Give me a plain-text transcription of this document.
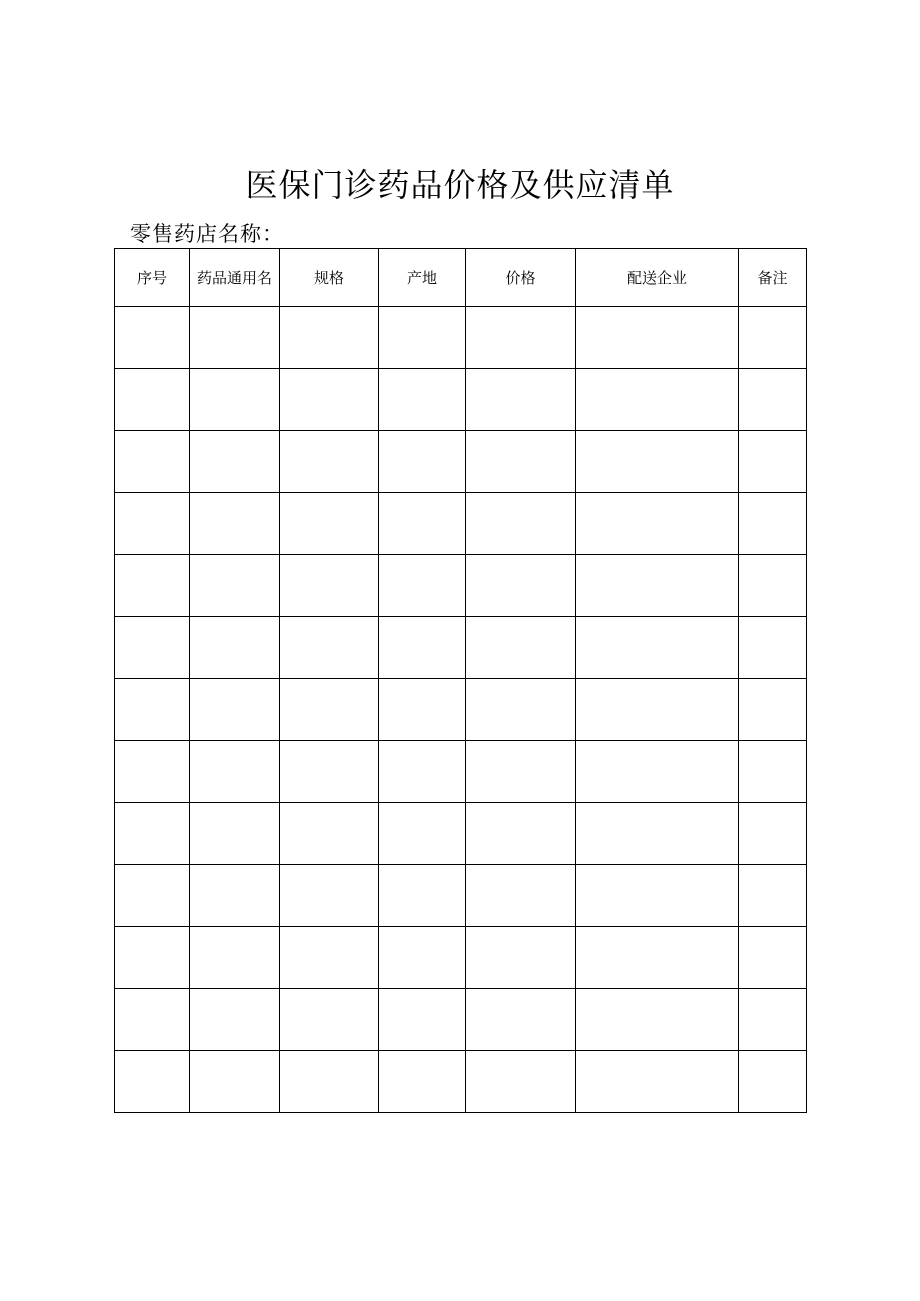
医保门诊药品价格及供应清单
零售药店名称：
序号	药品通用名	规格	产地	价格	配送企业	备注
